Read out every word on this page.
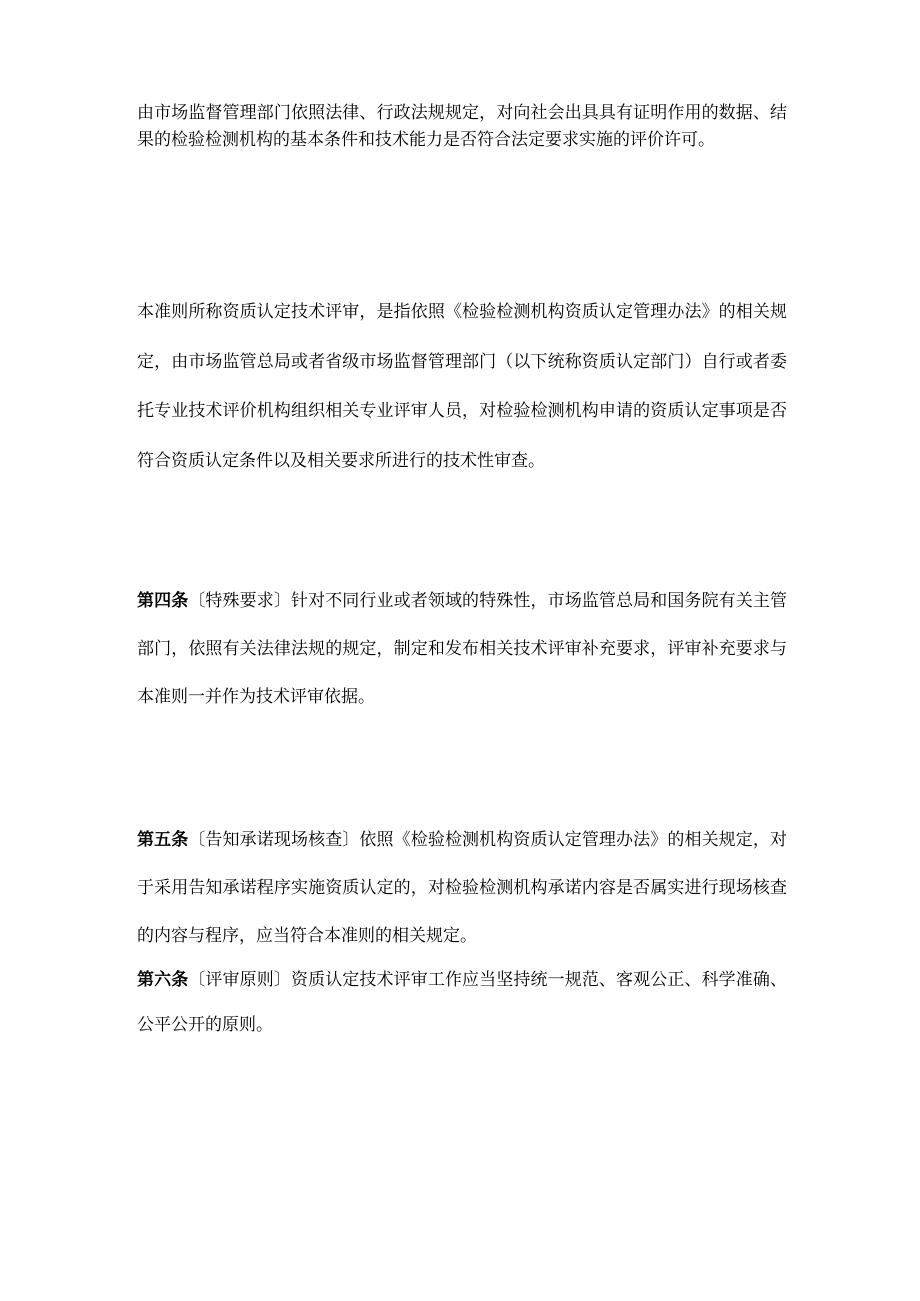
由市场监督管理部门依照法律、行政法规规定，对向社会出具具有证明作用的数据、结果的检验检测机构的基本条件和技术能力是否符合法定要求实施的评价许可。

本准则所称资质认定技术评审，是指依照《检验检测机构资质认定管理办法》的相关规定，由市场监管总局或者省级市场监督管理部门（以下统称资质认定部门）自行或者委托专业技术评价机构组织相关专业评审人员，对检验检测机构申请的资质认定事项是否符合资质认定条件以及相关要求所进行的技术性审查。

第四条〔特殊要求〕针对不同行业或者领域的特殊性，市场监管总局和国务院有关主管部门，依照有关法律法规的规定，制定和发布相关技术评审补充要求，评审补充要求与本准则一并作为技术评审依据。

第五条〔告知承诺现场核查〕依照《检验检测机构资质认定管理办法》的相关规定，对于采用告知承诺程序实施资质认定的，对检验检测机构承诺内容是否属实进行现场核查的内容与程序，应当符合本准则的相关规定。

第六条〔评审原则〕资质认定技术评审工作应当坚持统一规范、客观公正、科学准确、公平公开的原则。
